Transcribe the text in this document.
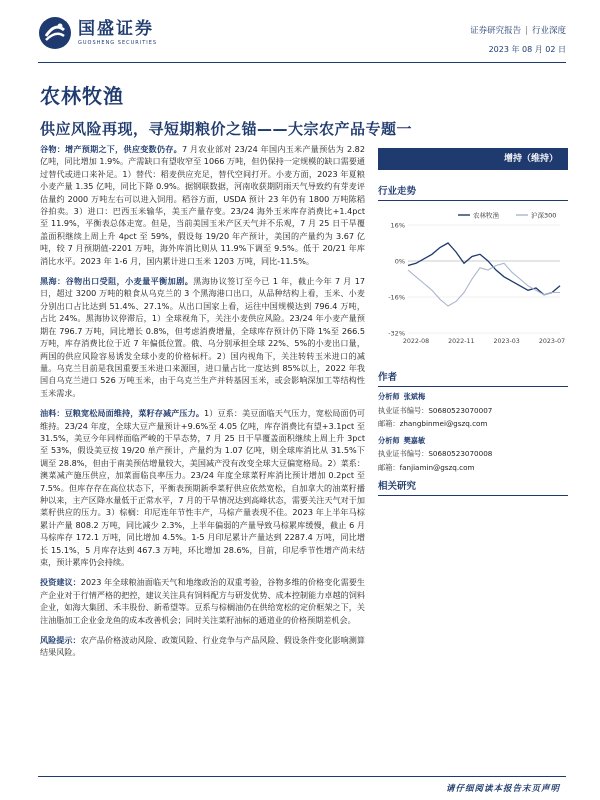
国盛证券
GUOSHENG SECURITIES
证券研究报告 | 行业深度
2023 年 08 月 02 日
农林牧渔
供应风险再现，寻短期粮价之锚——大宗农产品专题一
谷物：增产预期之下，供应变数仍存。7 月农业部对 23/24 年国内玉米产量预估为 2.82 亿吨，同比增加 1.9%。产需缺口有望收窄至 1066 万吨，但仍保持一定规模的缺口需要通过替代或进口来补足。1）替代：稻麦供应充足，替代空间打开。小麦方面，2023 年夏粮小麦产量 1.35 亿吨，同比下降 0.9%。据钢联数据，河南收获期阴雨天气导致约有芽麦评估量约 2000 万吨左右可以进入饲用。稻谷方面，USDA 预计 23 年仍有 1800 万吨陈稻谷拍卖。3）进口：巴西玉米输华，美玉产量存变。23/24 海外玉米库存消费比+1.4pct 至 11.9%，平衡表总体走宽。但是，当前美国玉米产区天气并不乐观，7 月 25 日干旱覆盖面积继续上周上升 4pct 至 59%，假设每 19/20 年产预计，美国的产量约为 3.67 亿吨，较 7 月预期值-2201 万吨，海外库消比则从 11.9%下调至 9.5%。低于 20/21 年库消比水平。2023 年 1-6 月，国内累计进口玉米 1203 万吨，同比-11.5%。
黑海：谷物出口受阻，小麦量平衡加剧。黑海协议签订至今已 1 年，截止今年 7 月 17 日，超过 3200 万吨的粮食从乌克兰的 3 个黑海港口出口，从品种结构上看，玉米、小麦分别出口占比达到 51.4%、27.1%。从出口国家上看，运往中国规模达到 796.4 万吨，占比 24%。黑海协议停滞后，1）全球视角下，关注小麦供应风险。23/24 年小麦产量预期在 796.7 万吨，同比增长 0.8%，但考虑消费增量，全球库存预计仍下降 1%至 266.5 万吨，库存消费比位于近 7 年偏低位置。俄、乌分别承担全球 22%、5%的小麦出口量，两国的供应风险容易诱发全球小麦的价格标杆。2）国内视角下，关注转转玉米进口的减量。乌克兰目前是我国重要玉米进口来源国，进口量占比一度达到 85%以上，2022 年我国自乌克兰进口 526 万吨玉米，由于乌克兰生产并转基因玉米，或会影响深加工等结构性玉米需求。
油料：豆粮宽松局面维持，菜籽存减产压力。1）豆系：美豆面临天气压力，宽松局面仍可维持。23/24 年度，全球大豆产量预计+9.6%至 4.05 亿吨，库存消费比有望+3.1pct 至 31.5%，美豆今年同样面临严峻的干旱态势，7 月 25 日干旱覆盖面积继续上周上升 3pct 至 53%，假设美豆按 19/20 单产预计，产量约为 1.07 亿吨，则全球库消比从 31.5%下调至 28.8%，但由于南美预估增量较大，美国减产没有改变全球大豆偏宽格局。2）菜系：澳菜减产施压供应，加菜面临良率压力。23/24 年度全球菜籽库消比预计增加 0.2pct 至 7.5%。但库存存在高位状态下，平衡表预期新季菜籽供应依然宽松，自加拿大的油菜籽播种以来，主产区降水量低于正常水平，7 月的干旱情况达到高峰状态，需要关注天气对于加菜籽供应的压力。3）棕榈：印尼连年节性丰产，马棕产量表现不佳。2023 年上半年马棕累计产量 808.2 万吨，同比减少 2.3%，上半年偏弱的产量导致马棕累库缓慢，截止 6 月马棕库存 172.1 万吨，同比增加 4.5%。1-5 月印尼累计产量达到 2287.4 万吨，同比增长 15.1%，5 月库存达到 467.3 万吨，环比增加 28.6%，目前，印尼季节性增产尚未结束，预计累库仍会持续。
投资建议：2023 年全球粮油面临天气和地缘政治的双重考验，谷物多维的价格变化需要生产企业对于行情严格的把控，建议关注具有饲料配方与研发优势、成本控制能力卓越的饲料企业，如海大集团、禾丰股份、新希望等。豆系与棕榈油仍在供给宽松的定价框架之下，关注油脂加工企业金龙鱼的成本改善机会；同时关注菜籽油标的通道业的价格预期差机会。
风险提示：农产品价格波动风险、政策风险、行业竞争与产品风险、假设条件变化影响测算结果风险。
增持（维持）
行业走势
16%
0%
-16%
-32%
2022-08	2022-11	2023-03	2023-07
农林牧渔	沪深300
作者
分析师 张斌梅
执业证书编号：S0680523070007
邮箱：zhangbinmei@gszq.com
分析师 樊嘉敏
执业证书编号：S0680523070008
邮箱：fanjiamin@gszq.com
相关研究
请仔细阅读本报告末页声明
